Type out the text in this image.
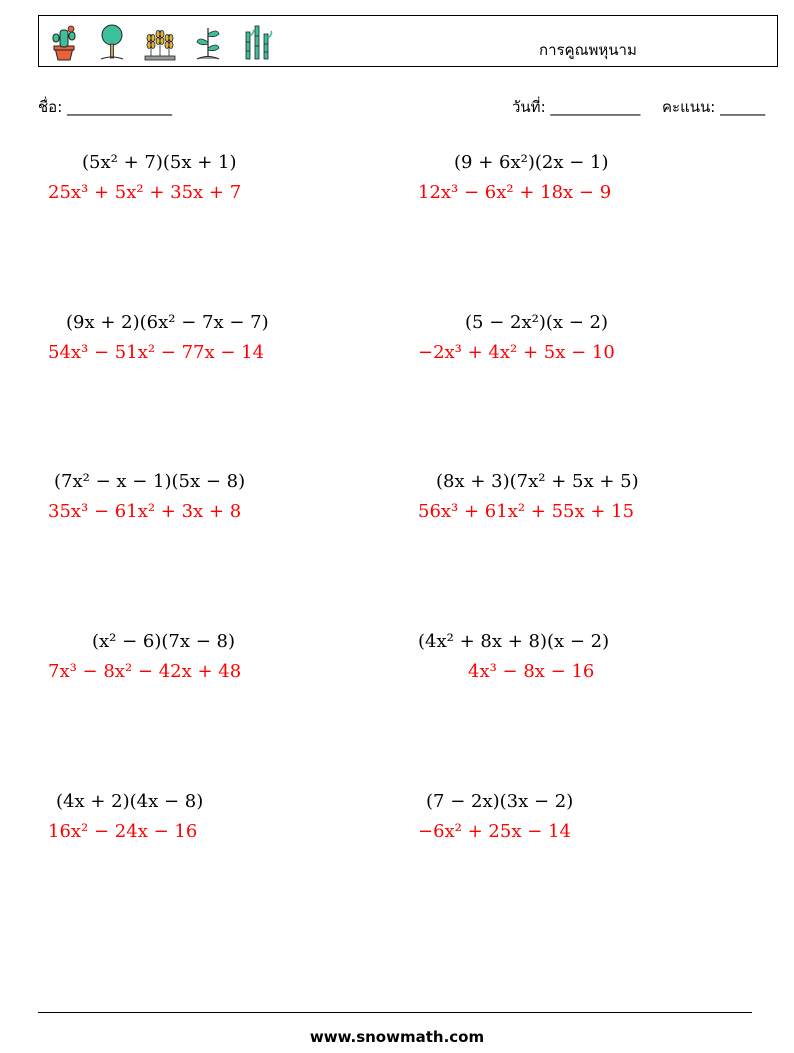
การคูณพหุนาม
ชื่อ: ______________	วันที่: ____________ คะแนน: ______
(5x² + 7)(5x + 1)
25x³ + 5x² + 35x + 7
(9 + 6x²)(2x − 1)
12x³ − 6x² + 18x − 9
(9x + 2)(6x² − 7x − 7)
54x³ − 51x² − 77x − 14
(5 − 2x²)(x − 2)
−2x³ + 4x² + 5x − 10
(7x² − x − 1)(5x − 8)
35x³ − 61x² + 3x + 8
(8x + 3)(7x² + 5x + 5)
56x³ + 61x² + 55x + 15
(x² − 6)(7x − 8)
7x³ − 8x² − 42x + 48
(4x² + 8x + 8)(x − 2)
4x³ − 8x − 16
(4x + 2)(4x − 8)
16x² − 24x − 16
(7 − 2x)(3x − 2)
−6x² + 25x − 14
www.snowmath.com
